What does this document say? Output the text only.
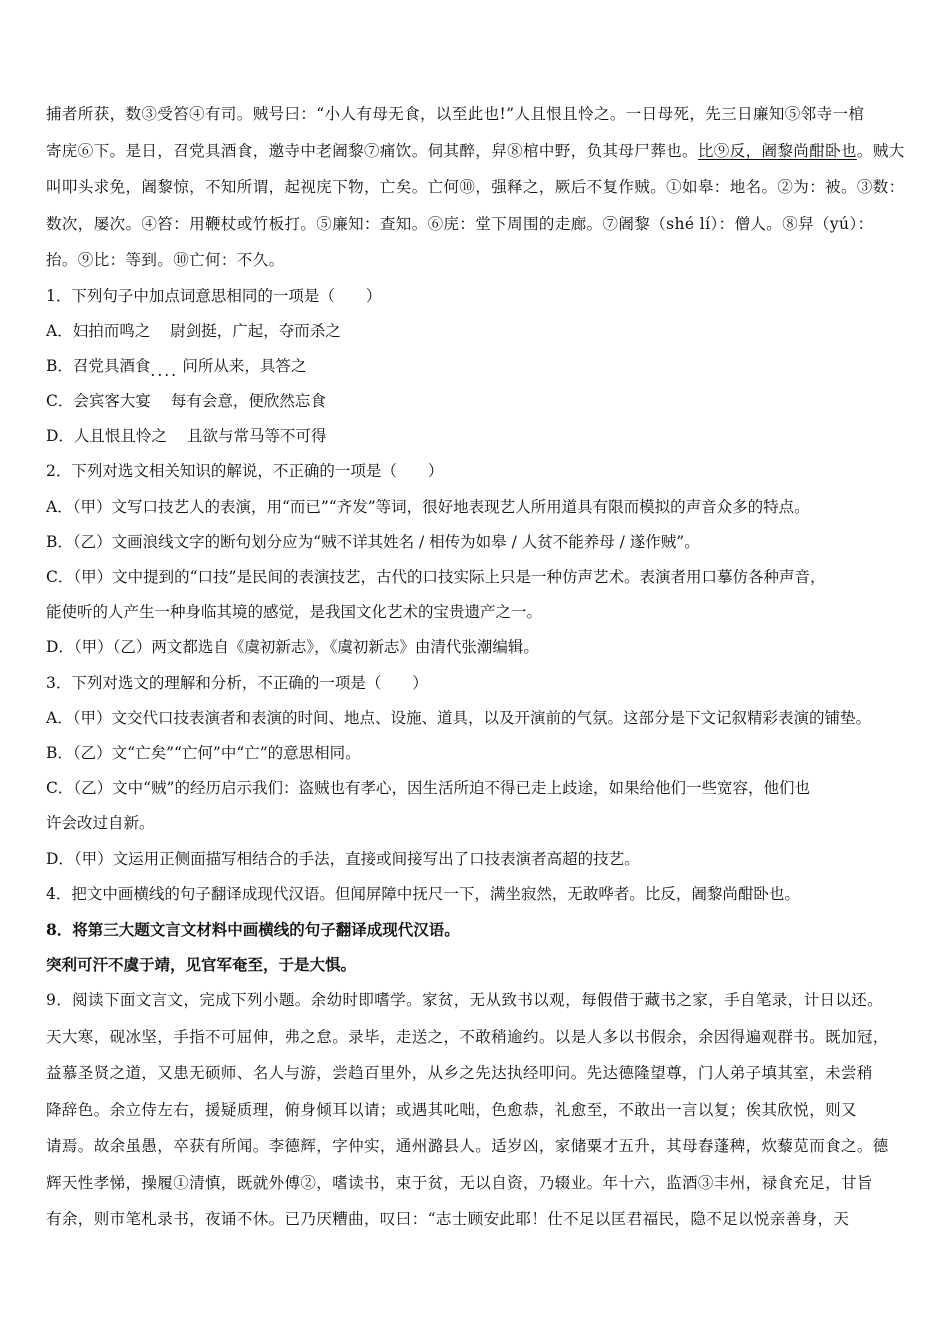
捕者所获，数③受笞④有司。贼号曰：“小人有母无食，以至此也!”人且恨且怜之。一日母死，先三日廉知⑤邻寺一棺
寄庑⑥下。是日，召党具酒食，邀寺中老阇黎⑦痛饮。伺其醉，舁⑧棺中野，负其母尸葬也。比⑨反，阇黎尚酣卧也。贼大
叫叩头求免，阇黎惊，不知所谓，起视庑下物，亡矣。亡何⑩，强释之，厥后不复作贼。①如皋：地名。②为：被。③数：
数次，屡次。④笞：用鞭杖或竹板打。⑤廉知：查知。⑥庑：堂下周围的走廊。⑦阇黎（shé lí）：僧人。⑧舁（yú）：
抬。⑨比：等到。⑩亡何：不久。
1．下列句子中加点词意思相同的一项是（　　）
A．妇拍而鸣之 尉剑挺，广起，夺而杀之
B．召党具酒食.... 问所从来，具答之
C．会宾客大宴 每有会意，便欣然忘食
D．人且恨且怜之 且欲与常马等不可得
2．下列对选文相关知识的解说，不正确的一项是（　　）
A．（甲）文写口技艺人的表演，用“而已”“齐发”等词，很好地表现艺人所用道具有限而模拟的声音众多的特点。
B．（乙）文画浪线文字的断句划分应为“贼不详其姓名 / 相传为如皋 / 人贫不能养母 / 遂作贼”。
C．（甲）文中提到的“口技”是民间的表演技艺，古代的口技实际上只是一种仿声艺术。表演者用口摹仿各种声音，
能使听的人产生一种身临其境的感觉，是我国文化艺术的宝贵遗产之一。
D．（甲）（乙）两文都选自《虞初新志》，《虞初新志》由清代张潮编辑。
3．下列对选文的理解和分析，不正确的一项是（　　）
A．（甲）文交代口技表演者和表演的时间、地点、设施、道具，以及开演前的气氛。这部分是下文记叙精彩表演的铺垫。
B．（乙）文“亡矣”“亡何”中“亡”的意思相同。
C．（乙）文中“贼”的经历启示我们：盗贼也有孝心，因生活所迫不得已走上歧途，如果给他们一些宽容，他们也
许会改过自新。
D．（甲）文运用正侧面描写相结合的手法，直接或间接写出了口技表演者高超的技艺。
4．把文中画横线的句子翻译成现代汉语。但闻屏障中抚尺一下，满坐寂然，无敢哗者。比反，阇黎尚酣卧也。
8．将第三大题文言文材料中画横线的句子翻译成现代汉语。
突利可汗不虞于靖，见官军奄至，于是大惧。
9．阅读下面文言文，完成下列小题。余幼时即嗜学。家贫，无从致书以观，每假借于藏书之家，手自笔录，计日以还。
天大寒，砚冰坚，手指不可屈伸，弗之怠。录毕，走送之，不敢稍逾约。以是人多以书假余，余因得遍观群书。既加冠，
益慕圣贤之道，又患无硕师、名人与游，尝趋百里外，从乡之先达执经叩问。先达德隆望尊，门人弟子填其室，未尝稍
降辞色。余立侍左右，援疑质理，俯身倾耳以请；或遇其叱咄，色愈恭，礼愈至，不敢出一言以复；俟其欣悦，则又
请焉。故余虽愚，卒获有所闻。李德辉，字仲实，通州潞县人。适岁凶，家储粟才五升，其母舂蓬稗，炊藜苋而食之。德
辉天性孝悌，操履①清慎，既就外傅②，嗜读书，束于贫，无以自资，乃辍业。年十六，监酒③丰州，禄食充足，甘旨
有余，则市笔札录书，夜诵不休。已乃厌糟曲，叹曰：“志士顾安此耶！仕不足以匡君福民，隐不足以悦亲善身，天
